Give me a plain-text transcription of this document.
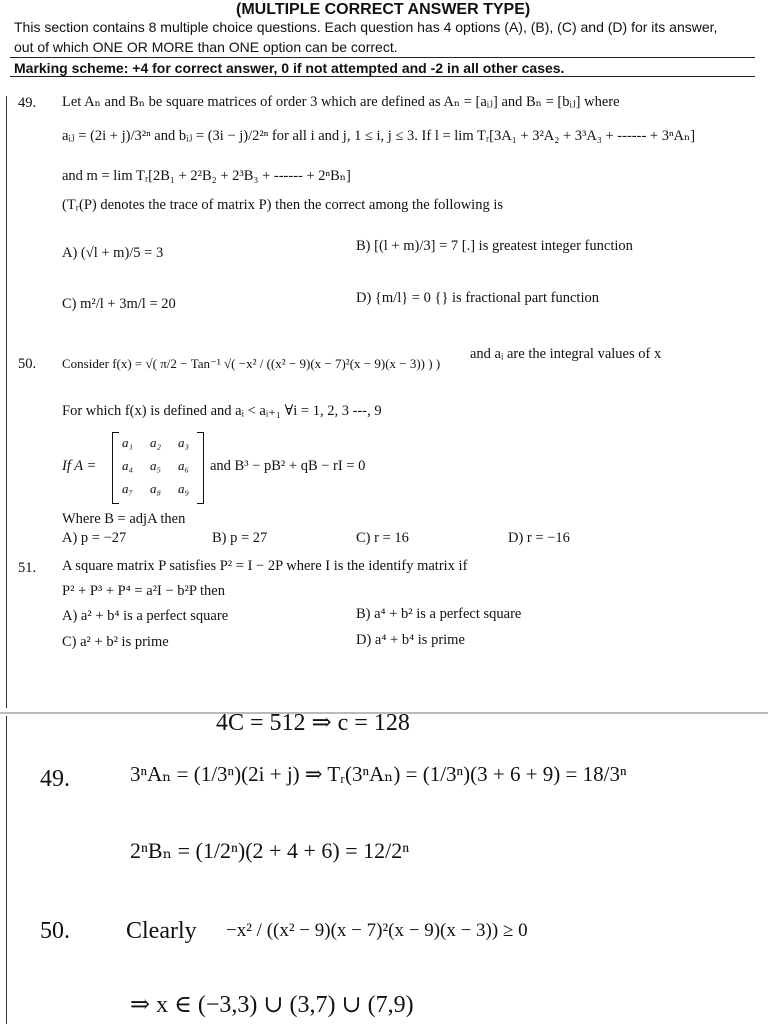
(MULTIPLE CORRECT ANSWER TYPE)
This section contains 8 multiple choice questions. Each question has 4 options (A), (B), (C) and (D) for its answer,
out of which ONE OR MORE than ONE option can be correct.
Marking scheme: +4 for correct answer, 0 if not attempted and -2 in all other cases.
49. Let Aₙ and Bₙ be square matrices of order 3 which are defined as Aₙ = [aᵢⱼ] and Bₙ = [bᵢⱼ] where
aᵢⱼ = (2i + j)/3²ⁿ and bᵢⱼ = (3i − j)/2²ⁿ for all i and j, 1 ≤ i, j ≤ 3. If l = lim Tᵣ[3A₁ + 3²A₂ + 3³A₃ + ------ + 3ⁿAₙ]
and m = lim Tᵣ[2B₁ + 2²B₂ + 2³B₃ + ------ + 2ⁿBₙ]
(Tᵣ(P) denotes the trace of matrix P) then the correct among the following is
A) (√l + m)/5 = 3	B) [(l + m)/3] = 7 [.] is greatest integer function
C) m²/l + 3m/l = 20	D) {m/l} = 0 {} is fractional part function
50. Consider f(x) = √( π/2 − Tan⁻¹ √( −x² / ((x² − 9)(x − 7)²(x − 9)(x − 3)) ) )
and aᵢ are the integral values of x
For which f(x) is defined and aᵢ < aᵢ₊₁ ∀i = 1, 2, 3 ---, 9
If A =
a₁ a₂ a₃
a₄ a₅ a₆
a₇ a₈ a₉
and B³ − pB² + qB − rI = 0
Where B = adjA then
A) p = −27	B) p = 27	C) r = 16	D) r = −16
51. A square matrix P satisfies P² = I − 2P where I is the identify matrix if
P² + P³ + P⁴ = a²I − b²P then
A) a² + b⁴ is a perfect square	B) a⁴ + b² is a perfect square
C) a² + b² is prime	D) a⁴ + b⁴ is prime
4C = 512 ⇒ c = 128
49.	3ⁿAₙ = (1/3ⁿ)(2i + j) ⇒ Tᵣ(3ⁿAₙ) = (1/3ⁿ)(3 + 6 + 9) = 18/3ⁿ
2ⁿBₙ = (1/2ⁿ)(2 + 4 + 6) = 12/2ⁿ
50. Clearly −x² / ((x² − 9)(x − 7)²(x − 9)(x − 3)) ≥ 0
⇒ x ∈ (−3,3) ∪ (3,7) ∪ (7,9)
